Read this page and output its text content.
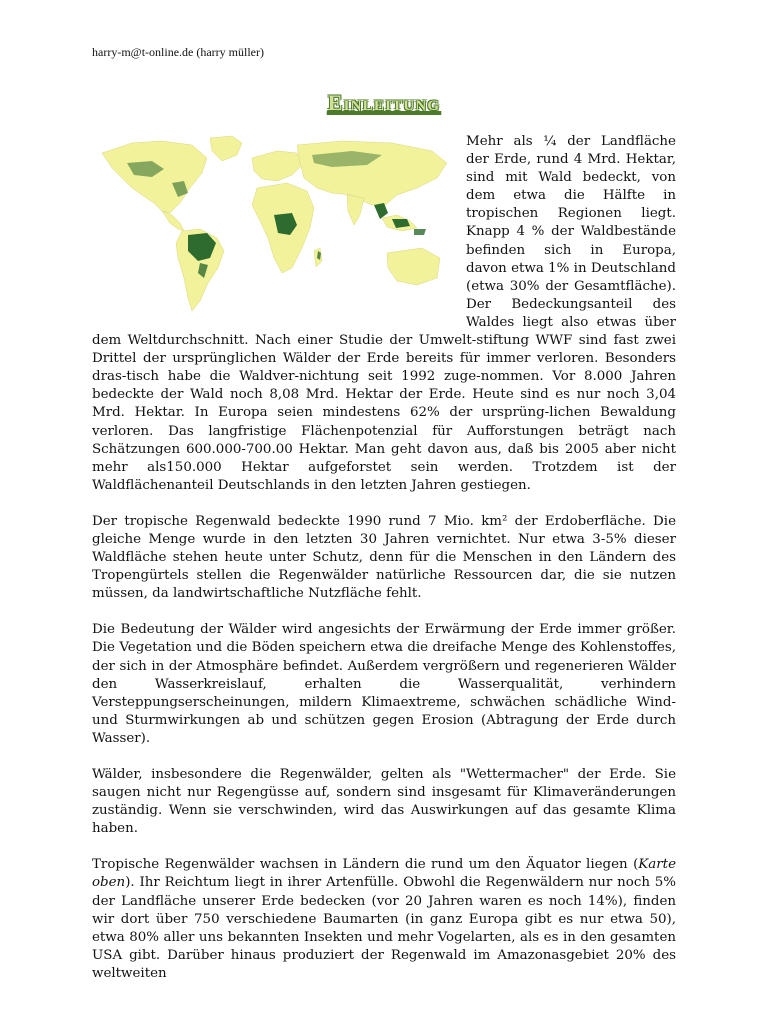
harry-m@t-online.de (harry müller)
Einleitung

Mehr als ¼ der Landfläche der Erde, rund 4 Mrd. Hektar, sind mit Wald bedeckt, von dem etwa die Hälfte in tropischen Regionen liegt. Knapp 4 % der Waldbestände befinden sich in Europa, davon etwa 1% in Deutschland (etwa 30% der Gesamtfläche). Der Bedeckungsanteil des Waldes liegt also etwas über dem Weltdurchschnitt. Nach einer Studie der Umwelt-stiftung WWF sind fast zwei Drittel der ursprünglichen Wälder der Erde bereits für immer verloren. Besonders dras-tisch habe die Waldver-nichtung seit 1992 zuge-nommen. Vor 8.000 Jahren bedeckte der Wald noch 8,08 Mrd. Hektar der Erde. Heute sind es nur noch 3,04 Mrd. Hektar. In Europa seien mindestens 62% der ursprüng-lichen Bewaldung verloren. Das langfristige Flächenpotenzial für Aufforstungen beträgt nach Schätzungen 600.000-700.00 Hektar. Man geht davon aus, daß bis 2005 aber nicht mehr als150.000 Hektar aufgeforstet sein werden. Trotzdem ist der Waldflächenanteil Deutschlands in den letzten Jahren gestiegen.

Der tropische Regenwald bedeckte 1990 rund 7 Mio. km² der Erdoberfläche. Die gleiche Menge wurde in den letzten 30 Jahren vernichtet. Nur etwa 3-5% dieser Waldfläche stehen heute unter Schutz, denn für die Menschen in den Ländern des Tropengürtels stellen die Regenwälder natürliche Ressourcen dar, die sie nutzen müssen, da landwirtschaftliche Nutzfläche fehlt.

Die Bedeutung der Wälder wird angesichts der Erwärmung der Erde immer größer. Die Vegetation und die Böden speichern etwa die dreifache Menge des Kohlenstoffes, der sich in der Atmosphäre befindet. Außerdem vergrößern und regenerieren Wälder den Wasserkreislauf, erhalten die Wasserqualität, verhindern Versteppungserscheinungen, mildern Klimaextreme, schwächen schädliche Wind- und Sturmwirkungen ab und schützen gegen Erosion (Abtragung der Erde durch Wasser).

Wälder, insbesondere die Regenwälder, gelten als "Wettermacher" der Erde. Sie saugen nicht nur Regengüsse auf, sondern sind insgesamt für Klimaveränderungen zuständig. Wenn sie verschwinden, wird das Auswirkungen auf das gesamte Klima haben.

Tropische Regenwälder wachsen in Ländern die rund um den Äquator liegen (Karte oben). Ihr Reichtum liegt in ihrer Artenfülle. Obwohl die Regenwäldern nur noch 5% der Landfläche unserer Erde bedecken (vor 20 Jahren waren es noch 14%), finden wir dort über 750 verschiedene Baumarten (in ganz Europa gibt es nur etwa 50), etwa 80% aller uns bekannten Insekten und mehr Vogelarten, als es in den gesamten USA gibt. Darüber hinaus produziert der Regenwald im Amazonasgebiet 20% des weltweiten
